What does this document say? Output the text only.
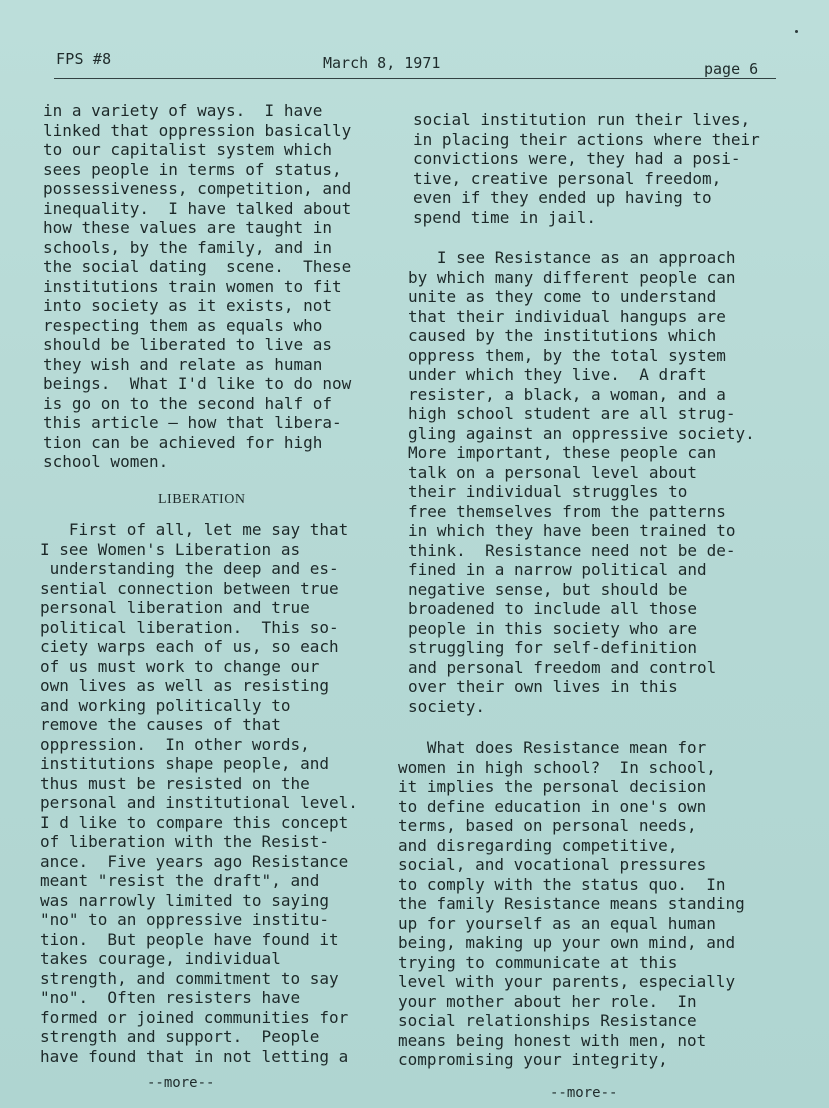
FPS #8	March 8, 1971	page 6
in a variety of ways.  I have
linked that oppression basically
to our capitalist system which
sees people in terms of status,
possessiveness, competition, and
inequality.  I have talked about
how these values are taught in
schools, by the family, and in
the social dating  scene.  These
institutions train women to fit
into society as it exists, not
respecting them as equals who
should be liberated to live as
they wish and relate as human
beings.  What I'd like to do now
is go on to the second half of
this article — how that libera-
tion can be achieved for high
school women.
LIBERATION
First of all, let me say that
I see Women's Liberation as
understanding the deep and es-
sential connection between true
personal liberation and true
political liberation.  This so-
ciety warps each of us, so each
of us must work to change our
own lives as well as resisting
and working politically to
remove the causes of that
oppression.  In other words,
institutions shape people, and
thus must be resisted on the
personal and institutional level.
I d like to compare this concept
of liberation with the Resist-
ance.  Five years ago Resistance
meant "resist the draft", and
was narrowly limited to saying
"no" to an oppressive institu-
tion.  But people have found it
takes courage, individual
strength, and commitment to say
"no".  Often resisters have
formed or joined communities for
strength and support.  People
have found that in not letting a
--more--
social institution run their lives,
in placing their actions where their
convictions were, they had a posi-
tive, creative personal freedom,
even if they ended up having to
spend time in jail.
I see Resistance as an approach
by which many different people can
unite as they come to understand
that their individual hangups are
caused by the institutions which
oppress them, by the total system
under which they live.  A draft
resister, a black, a woman, and a
high school student are all strug-
gling against an oppressive society.
More important, these people can
talk on a personal level about
their individual struggles to
free themselves from the patterns
in which they have been trained to
think.  Resistance need not be de-
fined in a narrow political and
negative sense, but should be
broadened to include all those
people in this society who are
struggling for self-definition
and personal freedom and control
over their own lives in this
society.
What does Resistance mean for
women in high school?  In school,
it implies the personal decision
to define education in one's own
terms, based on personal needs,
and disregarding competitive,
social, and vocational pressures
to comply with the status quo.  In
the family Resistance means standing
up for yourself as an equal human
being, making up your own mind, and
trying to communicate at this
level with your parents, especially
your mother about her role.  In
social relationships Resistance
means being honest with men, not
compromising your integrity,
--more--
